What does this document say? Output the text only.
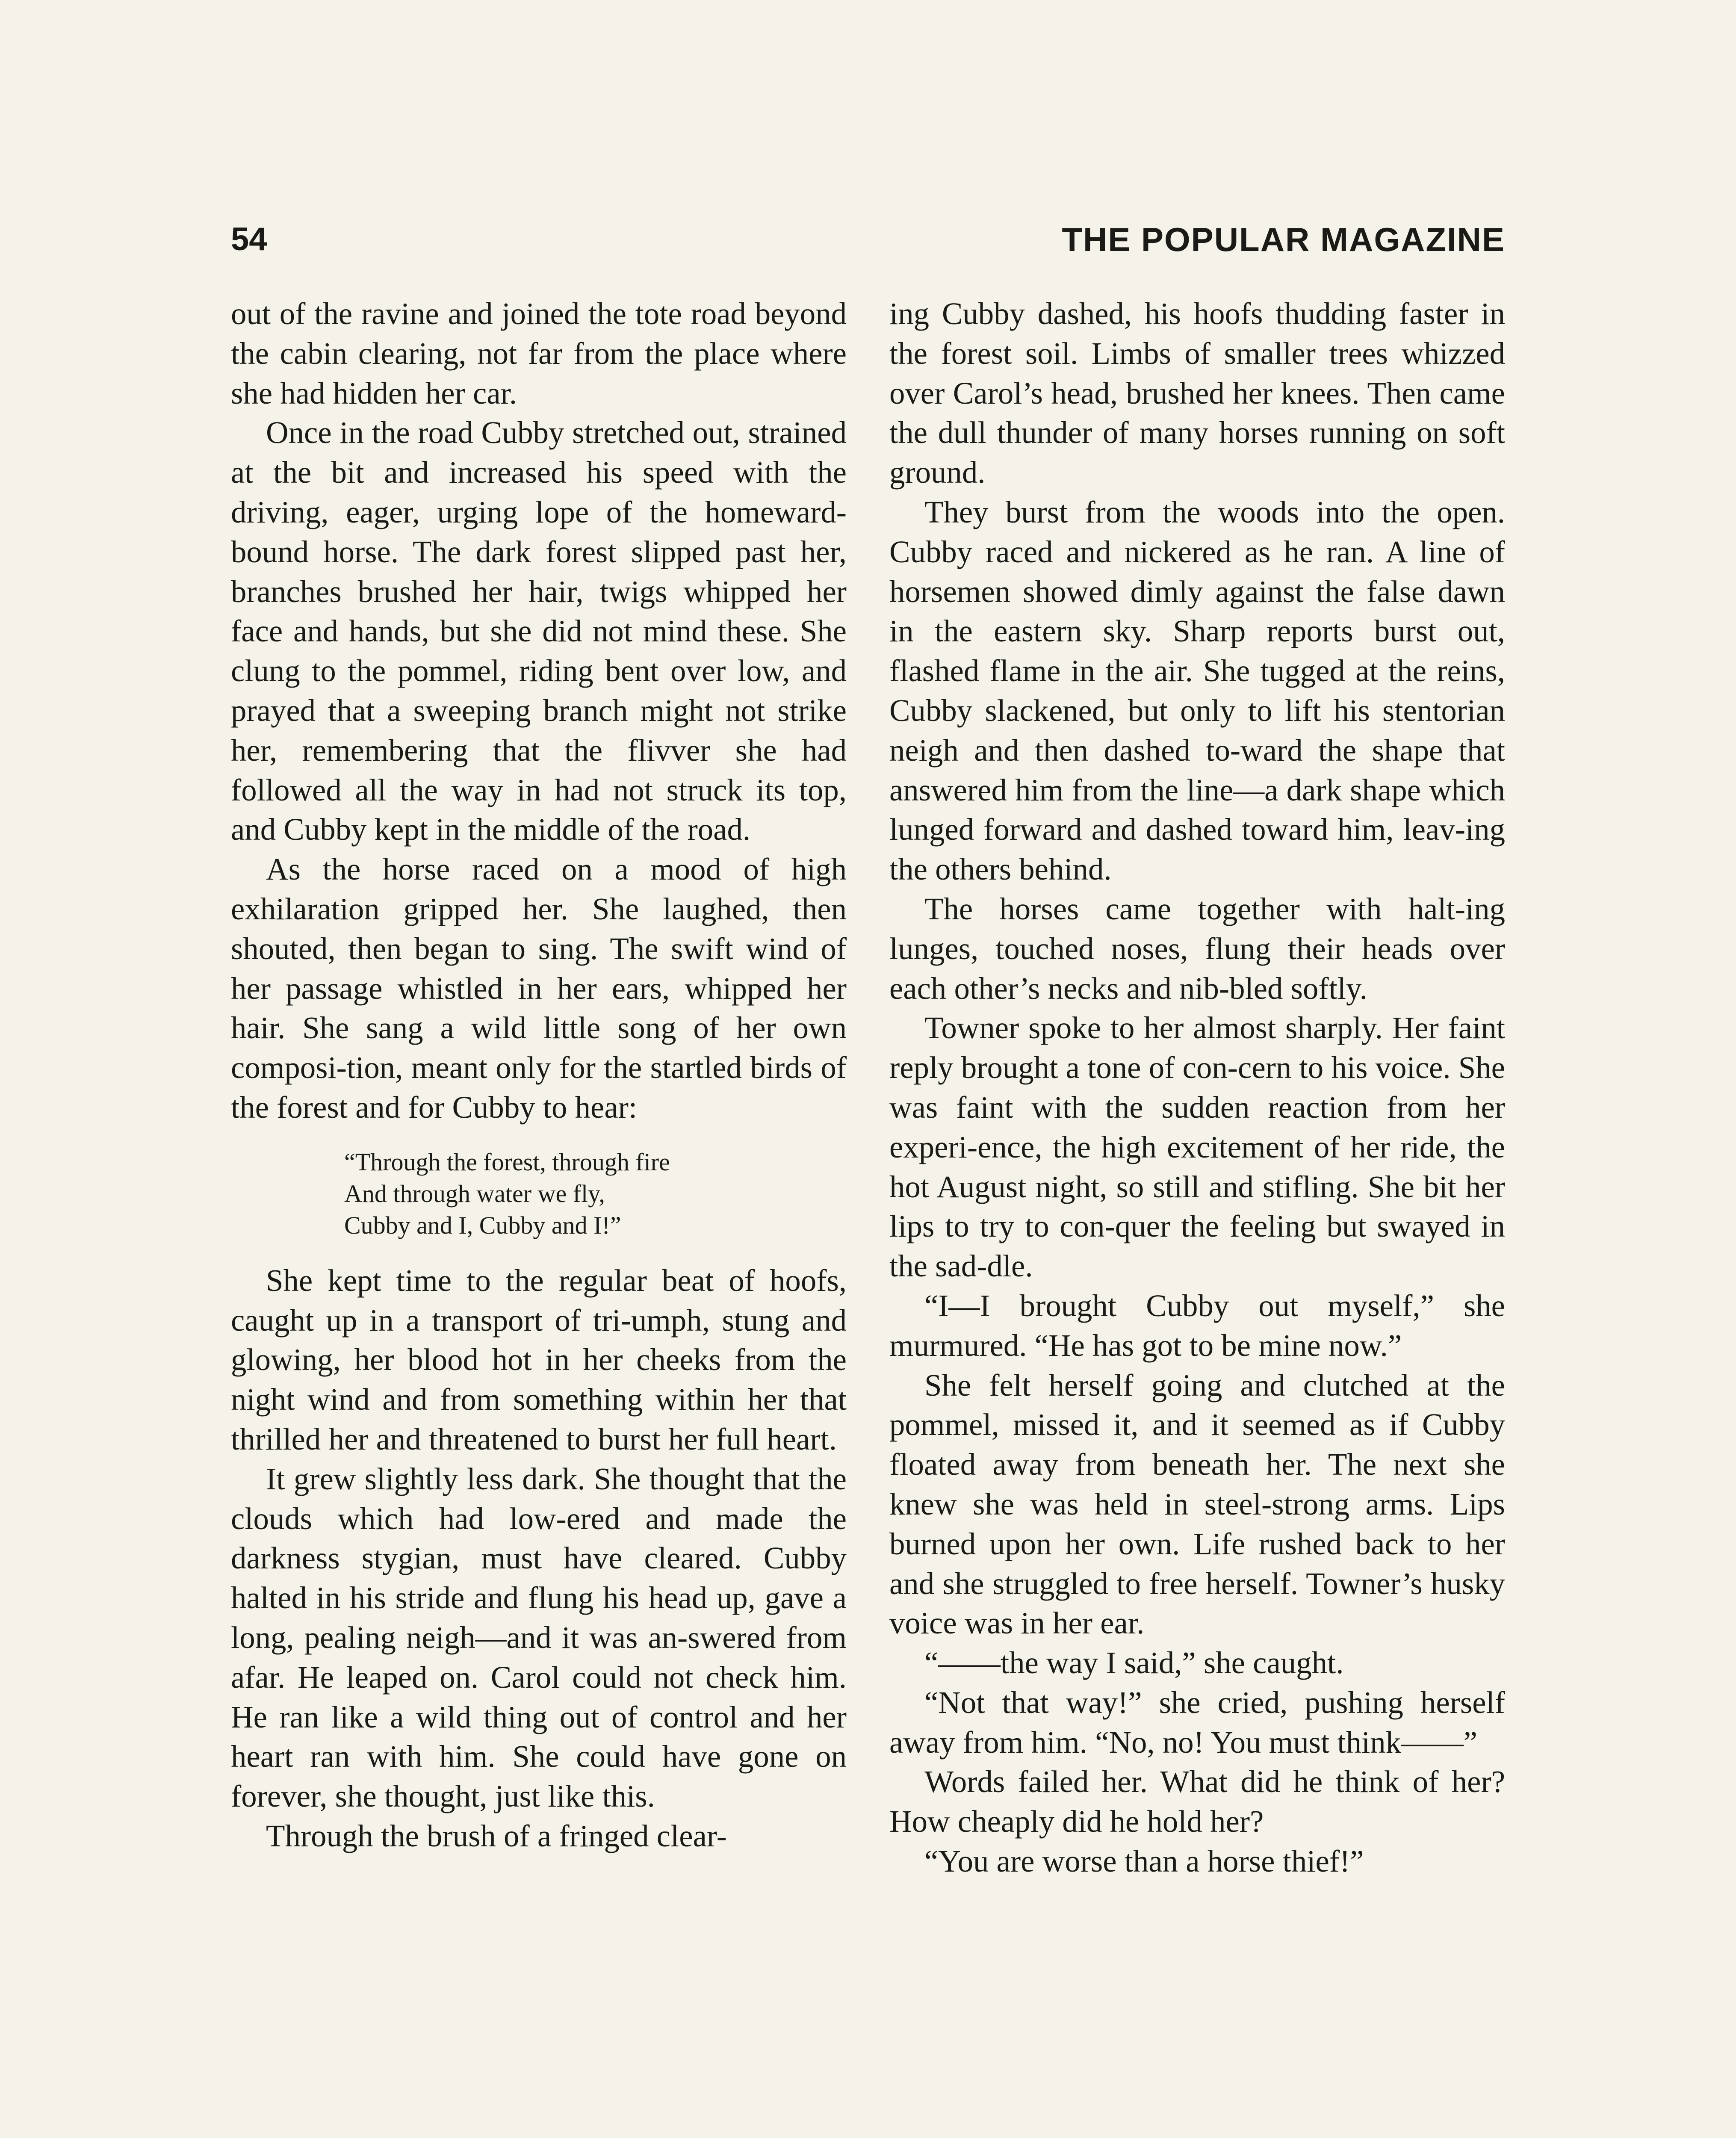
54	THE POPULAR MAGAZINE

out of the ravine and joined the tote road beyond the cabin clearing, not far from the place where she had hidden her car.

Once in the road Cubby stretched out, strained at the bit and increased his speed with the driving, eager, urging lope of the homeward-bound horse. The dark forest slipped past her, branches brushed her hair, twigs whipped her face and hands, but she did not mind these. She clung to the pommel, riding bent over low, and prayed that a sweeping branch might not strike her, remembering that the flivver she had followed all the way in had not struck its top, and Cubby kept in the middle of the road.

As the horse raced on a mood of high exhilaration gripped her. She laughed, then shouted, then began to sing. The swift wind of her passage whistled in her ears, whipped her hair. She sang a wild little song of her own composi-tion, meant only for the startled birds of the forest and for Cubby to hear:

“Through the forest, through fire
And through water we fly,
Cubby and I, Cubby and I!”

She kept time to the regular beat of hoofs, caught up in a transport of tri-umph, stung and glowing, her blood hot in her cheeks from the night wind and from something within her that thrilled her and threatened to burst her full heart.

It grew slightly less dark. She thought that the clouds which had low-ered and made the darkness stygian, must have cleared. Cubby halted in his stride and flung his head up, gave a long, pealing neigh—and it was an-swered from afar. He leaped on. Carol could not check him. He ran like a wild thing out of control and her heart ran with him. She could have gone on forever, she thought, just like this.

Through the brush of a fringed clear-

ing Cubby dashed, his hoofs thudding faster in the forest soil. Limbs of smaller trees whizzed over Carol’s head, brushed her knees. Then came the dull thunder of many horses running on soft ground.

They burst from the woods into the open. Cubby raced and nickered as he ran. A line of horsemen showed dimly against the false dawn in the eastern sky. Sharp reports burst out, flashed flame in the air. She tugged at the reins, Cubby slackened, but only to lift his stentorian neigh and then dashed to-ward the shape that answered him from the line—a dark shape which lunged forward and dashed toward him, leav-ing the others behind.

The horses came together with halt-ing lunges, touched noses, flung their heads over each other’s necks and nib-bled softly.

Towner spoke to her almost sharply. Her faint reply brought a tone of con-cern to his voice. She was faint with the sudden reaction from her experi-ence, the high excitement of her ride, the hot August night, so still and stifling. She bit her lips to try to con-quer the feeling but swayed in the sad-dle.

“I—I brought Cubby out myself,” she murmured. “He has got to be mine now.”

She felt herself going and clutched at the pommel, missed it, and it seemed as if Cubby floated away from beneath her. The next she knew she was held in steel-strong arms. Lips burned upon her own. Life rushed back to her and she struggled to free herself. Towner’s husky voice was in her ear.

“——the way I said,” she caught.

“Not that way!” she cried, pushing herself away from him. “No, no! You must think——”

Words failed her. What did he think of her? How cheaply did he hold her?

“You are worse than a horse thief!”
